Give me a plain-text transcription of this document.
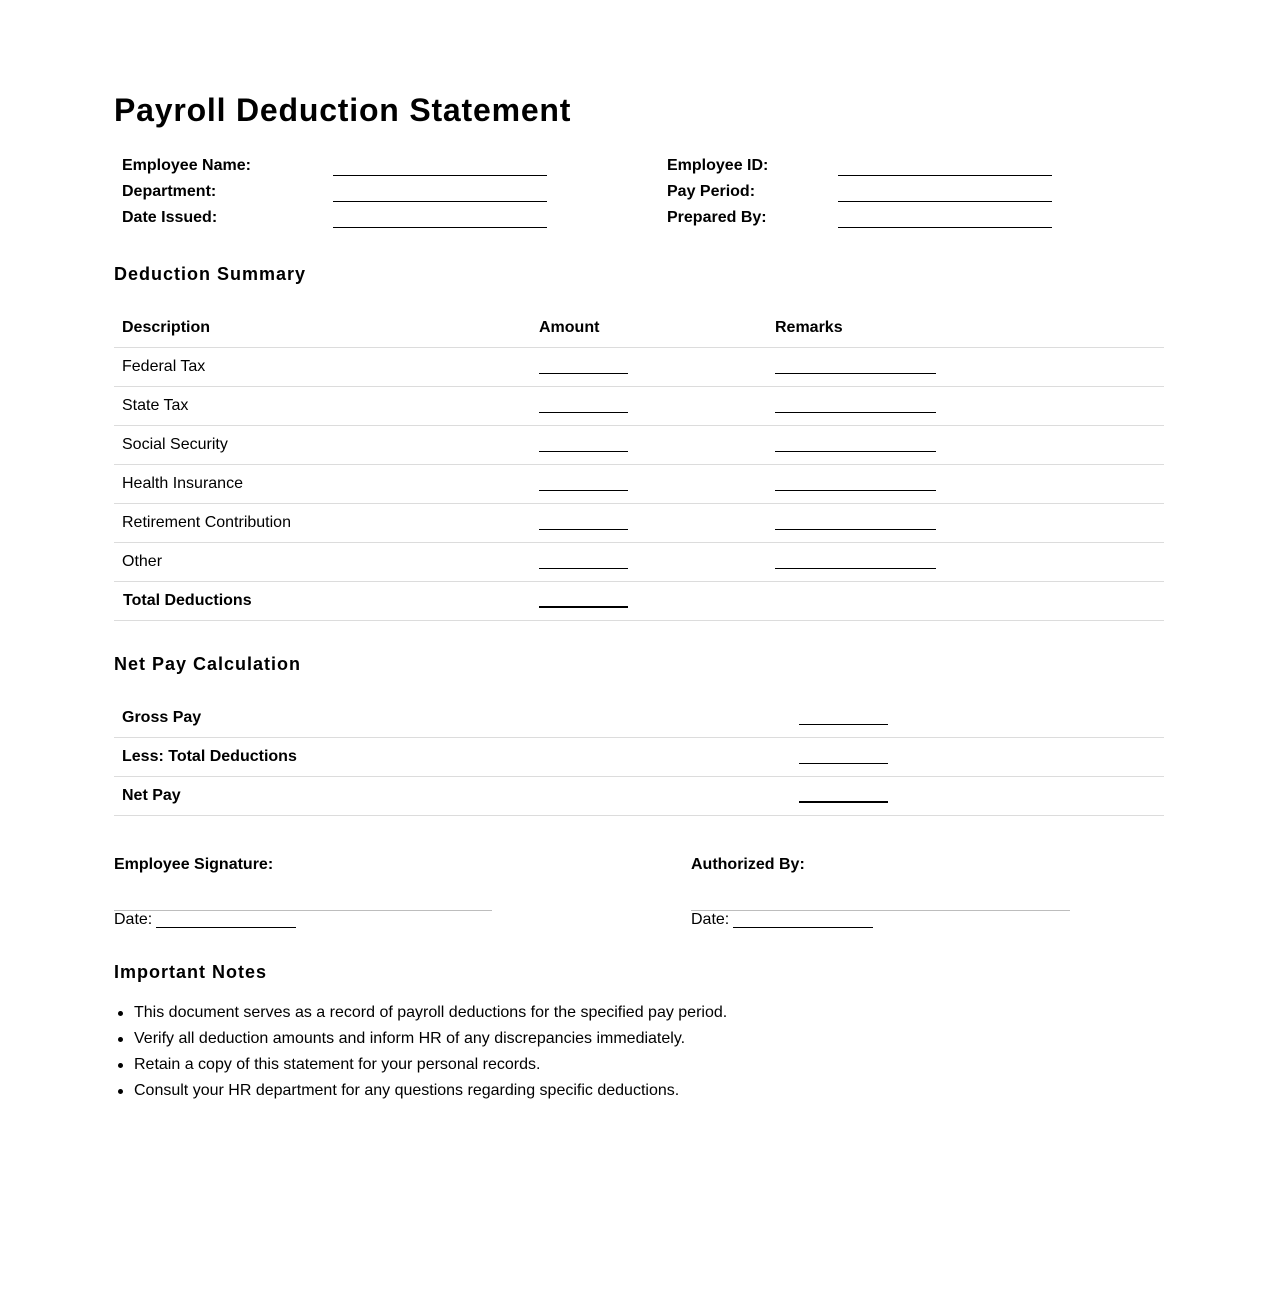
Payroll Deduction Statement
Employee Name:	Employee ID:
Department:	Pay Period:
Date Issued:	Prepared By:
Deduction Summary
Description	Amount	Remarks
Federal Tax
State Tax
Social Security
Health Insurance
Retirement Contribution
Other
Total Deductions
Net Pay Calculation
Gross Pay
Less: Total Deductions
Net Pay
Employee Signature:
Date:
Authorized By:
Date:
Important Notes
This document serves as a record of payroll deductions for the specified pay period.
Verify all deduction amounts and inform HR of any discrepancies immediately.
Retain a copy of this statement for your personal records.
Consult your HR department for any questions regarding specific deductions.
